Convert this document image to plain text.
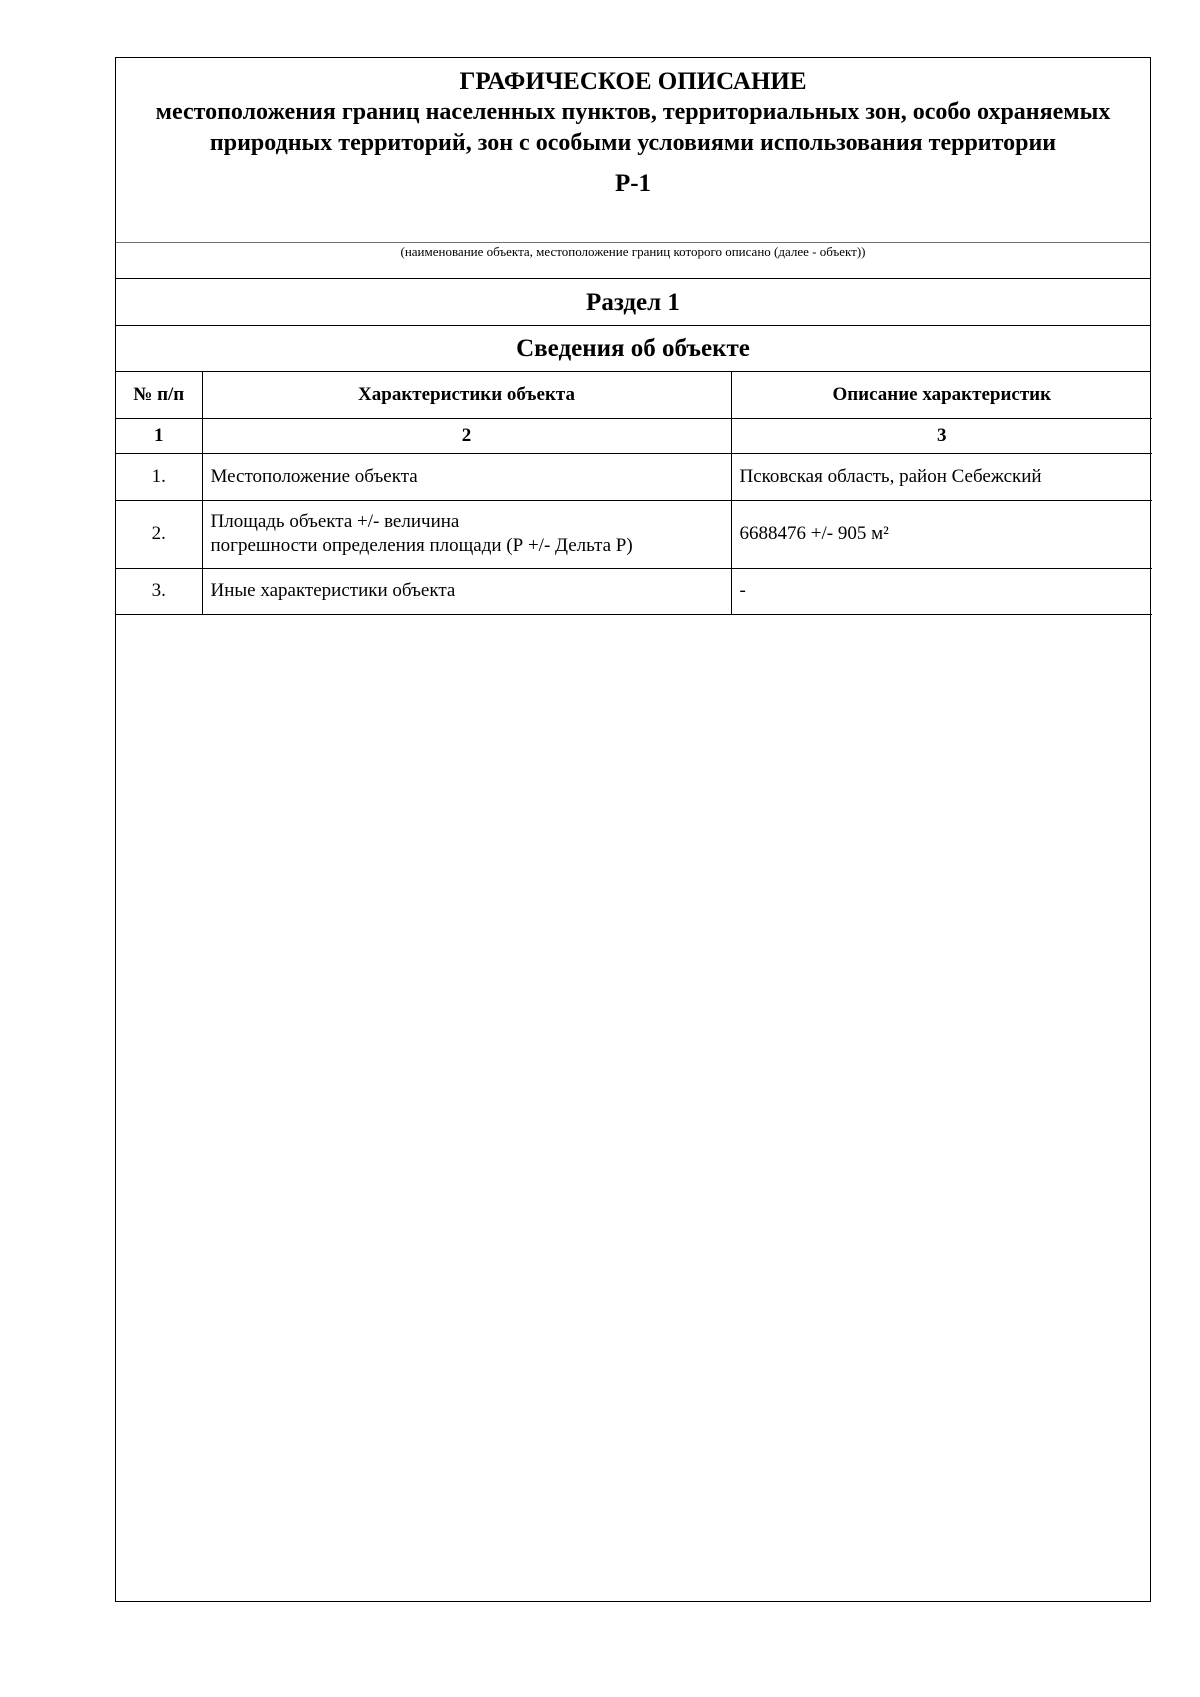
ГРАФИЧЕСКОЕ ОПИСАНИЕ
местоположения границ населенных пунктов, территориальных зон, особо охраняемых природных территорий, зон с особыми условиями использования территории
Р-1
(наименование объекта, местоположение границ которого описано (далее - объект))
Раздел 1
Сведения об объекте
№ п/п	Характеристики объекта	Описание характеристик
1	2	3
1.	Местоположение объекта	Псковская область, район Себежский
2.	Площадь объекта +/- величина
погрешности определения площади (Р +/- Дельта Р)	6688476 +/- 905 м²
3.	Иные характеристики объекта	-
